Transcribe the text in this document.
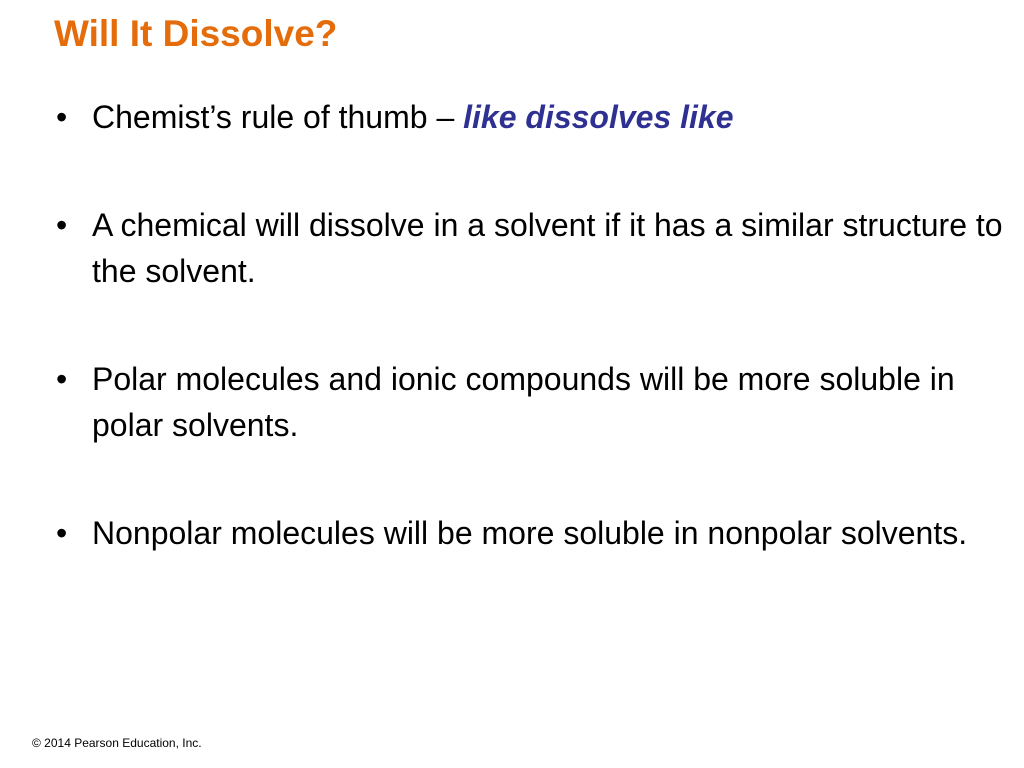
Will It Dissolve?
• Chemist’s rule of thumb – like dissolves like
• A chemical will dissolve in a solvent if it has a similar structure to the solvent.
• Polar molecules and ionic compounds will be more soluble in polar solvents.
• Nonpolar molecules will be more soluble in nonpolar solvents.
© 2014 Pearson Education, Inc.
